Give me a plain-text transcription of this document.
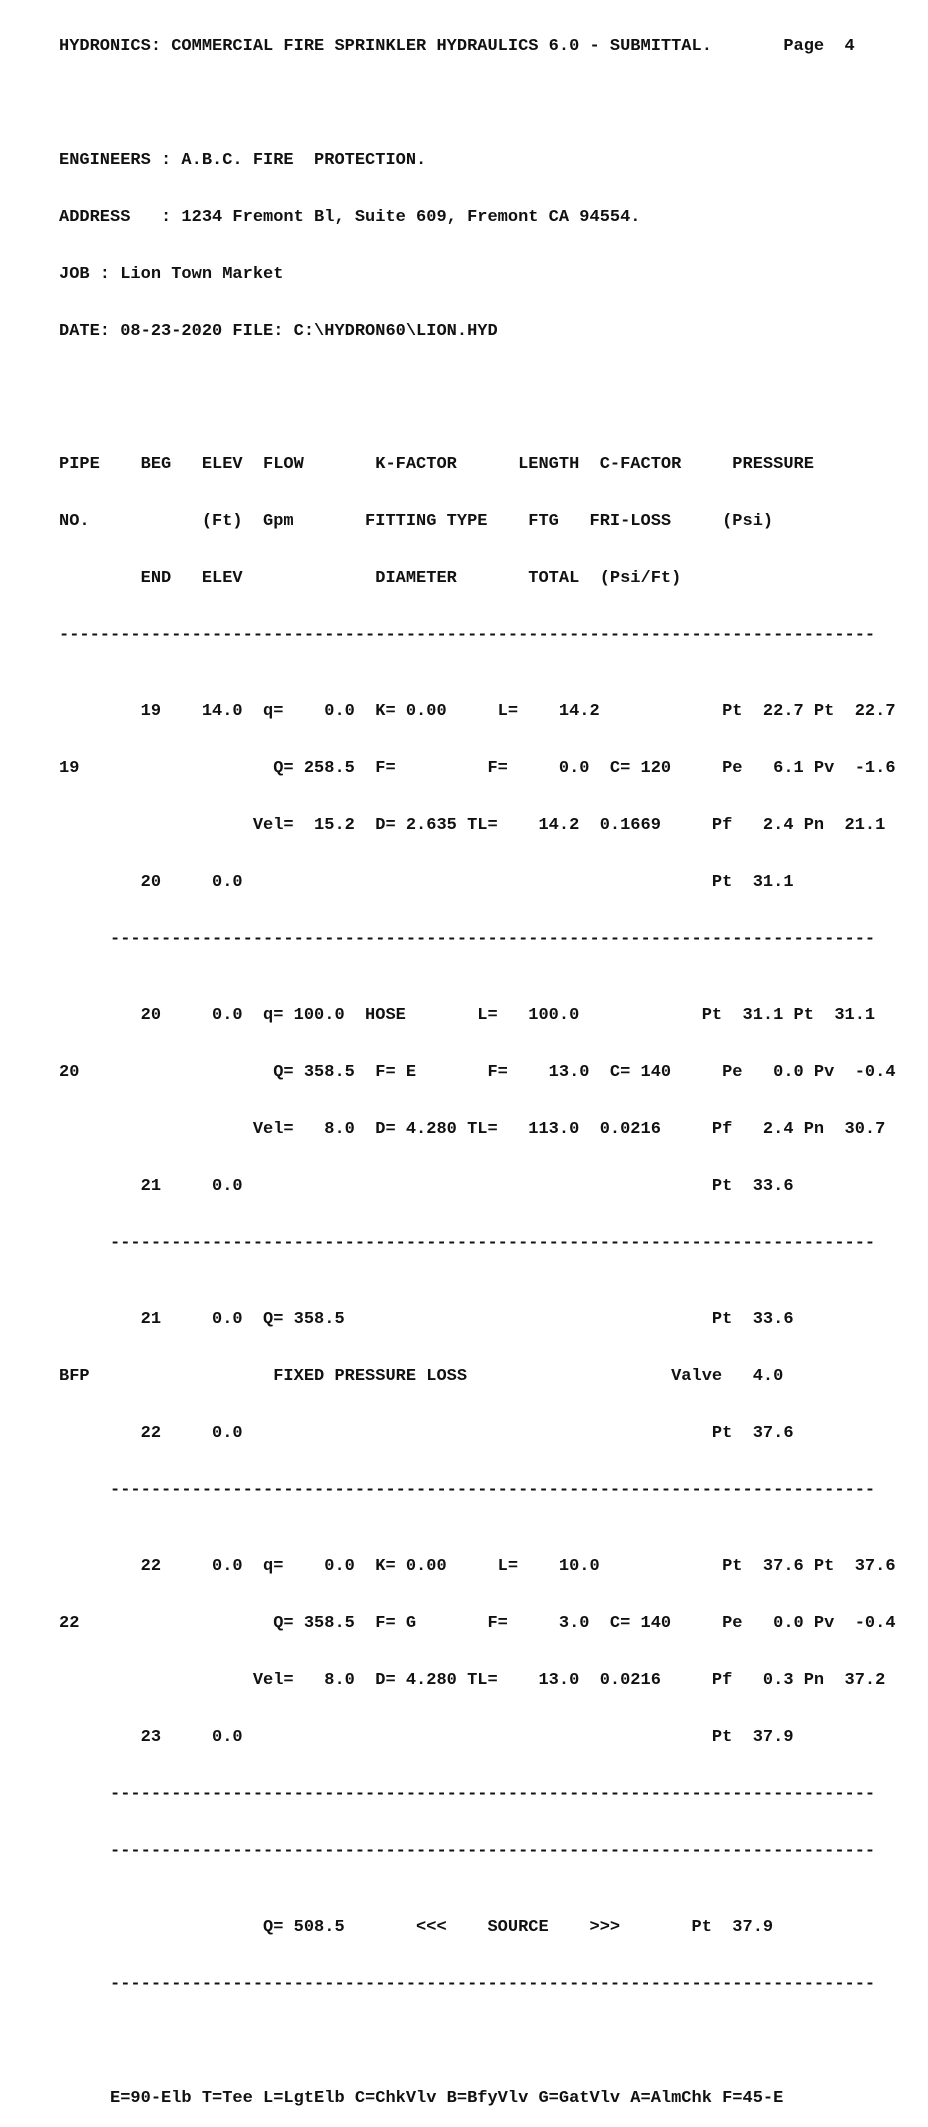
HYDRONICS: COMMERCIAL FIRE SPRINKLER HYDRAULICS 6.0 - SUBMITTAL.       Page  4

ENGINEERS : A.B.C. FIRE  PROTECTION.

ADDRESS   : 1234 Fremont Bl, Suite 609, Fremont CA 94554.

JOB : Lion Town Market

DATE: 08-23-2020 FILE: C:\HYDRON60\LION.HYD

PIPE    BEG   ELEV  FLOW       K-FACTOR      LENGTH  C-FACTOR     PRESSURE

NO.           (Ft)  Gpm       FITTING TYPE    FTG   FRI-LOSS     (Psi)

END   ELEV             DIAMETER       TOTAL  (Psi/Ft)

--------------------------------------------------------------------------------

19    14.0  q=    0.0  K= 0.00     L=    14.2            Pt  22.7 Pt  22.7

19                   Q= 258.5  F=         F=     0.0  C= 120     Pe   6.1 Pv  -1.6

Vel=  15.2  D= 2.635 TL=    14.2  0.1669     Pf   2.4 Pn  21.1

20     0.0                                              Pt  31.1

---------------------------------------------------------------------------

20     0.0  q= 100.0  HOSE       L=   100.0            Pt  31.1 Pt  31.1

20                   Q= 358.5  F= E       F=    13.0  C= 140     Pe   0.0 Pv  -0.4

Vel=   8.0  D= 4.280 TL=   113.0  0.0216     Pf   2.4 Pn  30.7

21     0.0                                              Pt  33.6

---------------------------------------------------------------------------

21     0.0  Q= 358.5                                    Pt  33.6

BFP                  FIXED PRESSURE LOSS                    Valve   4.0

22     0.0                                              Pt  37.6

---------------------------------------------------------------------------

22     0.0  q=    0.0  K= 0.00     L=    10.0            Pt  37.6 Pt  37.6

22                   Q= 358.5  F= G       F=     3.0  C= 140     Pe   0.0 Pv  -0.4

Vel=   8.0  D= 4.280 TL=    13.0  0.0216     Pf   0.3 Pn  37.2

23     0.0                                              Pt  37.9

---------------------------------------------------------------------------

---------------------------------------------------------------------------

Q= 508.5       <<<    SOURCE    >>>       Pt  37.9

---------------------------------------------------------------------------

E=90-Elb T=Tee L=LgtElb C=ChkVlv B=BfyVlv G=GatVlv A=AlmChk F=45-E
